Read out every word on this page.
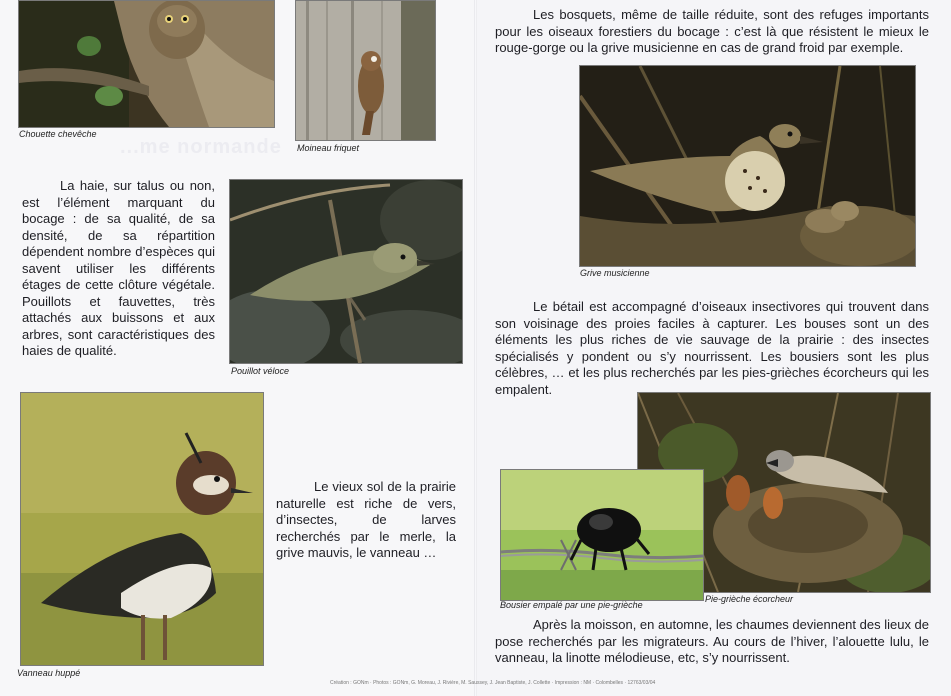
...me normande
Chouette chevêche
Moineau friquet
La haie, sur talus ou non, est l’élément marquant du bocage : de sa qualité, de sa densité, de sa répartition dépendent nombre d’espèces qui savent utiliser les différents étages de cette clôture végétale. Pouillots et fauvettes, très attachés aux buissons et aux arbres, sont caractéristiques des haies de qualité.
Pouillot véloce
Vanneau huppé
Le vieux sol de la prairie naturelle est riche de vers, d’insectes, de larves recherchés par le merle, la grive mauvis, le vanneau …
Les bosquets, même de taille réduite, sont des refuges importants pour les oiseaux forestiers du bocage : c’est là que résistent le mieux le rouge-gorge ou la grive musicienne en cas de grand froid par exemple.
Grive musicienne
Le bétail est accompagné d’oiseaux insectivores qui trouvent dans son voisinage des proies faciles à capturer. Les bouses sont un des éléments les plus riches de vie sauvage de la prairie : des insectes spécialisés y pondent ou s’y nourrissent. Les bousiers sont les plus célèbres, … et les plus recherchés par les pies-grièches écorcheurs qui les empalent.
Pie-grièche écorcheur
Bousier empalé par une pie-grièche
Après la moisson, en automne, les chaumes deviennent des lieux de pose recherchés par les migrateurs. Au cours de l’hiver, l’alouette lulu, le vanneau, la linotte mélodieuse, etc, s’y nourrissent.
Création : GONm · Photos : GONm, G. Moreau, J. Rivière, M. Saussey, J. Jean Baptiste, J. Collette · Impression : NM · Colombelles · 12763/03/04
